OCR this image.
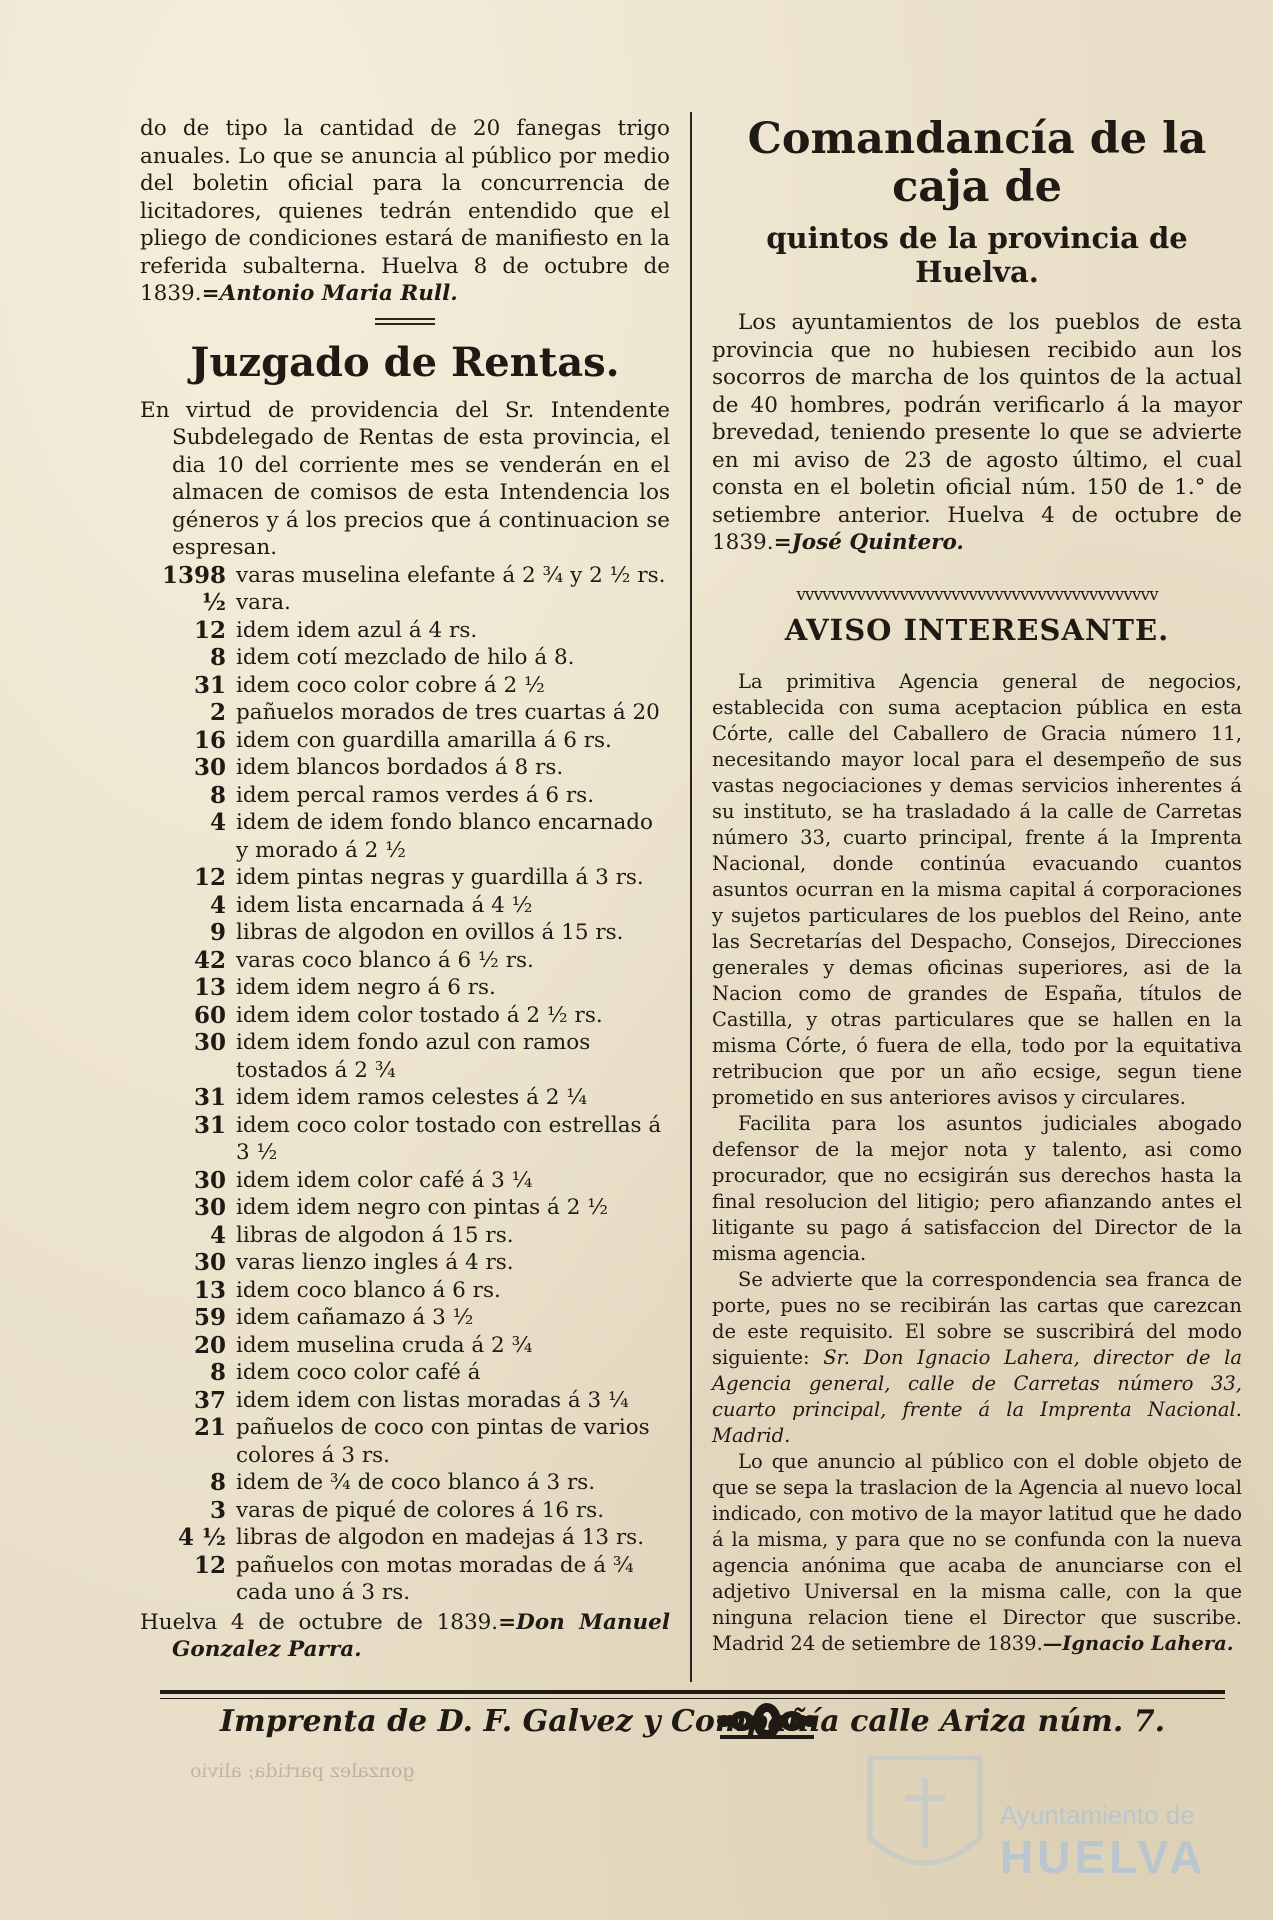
do de tipo la cantidad de 20 fanegas trigo anuales. Lo que se anuncia al público por medio del boletin oficial para la concurrencia de licitadores, quienes tedrán entendido que el pliego de condiciones estará de manifiesto en la referida subalterna. Huelva 8 de octubre de 1839.=Antonio Maria Rull.

Juzgado de Rentas.

En virtud de providencia del Sr. Intendente Subdelegado de Rentas de esta provincia, el dia 10 del corriente mes se venderán en el almacen de comisos de esta Intendencia los géneros y á los precios que á continuacion se espresan.

1398 ½
varas muselina elefante á 2 ¾ y 2 ½ rs. vara.
12 idem idem azul á 4 rs.
8 idem cotí mezclado de hilo á 8.
31 idem coco color cobre á 2 ½
2 pañuelos morados de tres cuartas á 20
16 idem con guardilla amarilla á 6 rs.
30 idem blancos bordados á 8 rs.
8 idem percal ramos verdes á 6 rs.
4 idem de idem fondo blanco encarnado y morado á 2 ½
12 idem pintas negras y guardilla á 3 rs.
4 idem lista encarnada á 4 ½
9 libras de algodon en ovillos á 15 rs.
42 varas coco blanco á 6 ½ rs.
13 idem idem negro á 6 rs.
60 idem idem color tostado á 2 ½ rs.
30 idem idem fondo azul con ramos tostados á 2 ¾
31 idem idem ramos celestes á 2 ¼
31 idem coco color tostado con estrellas á 3 ½
30 idem idem color café á 3 ¼
30 idem idem negro con pintas á 2 ½
4 libras de algodon á 15 rs.
30 varas lienzo ingles á 4 rs.
13 idem coco blanco á 6 rs.
59 idem cañamazo á 3 ½
20 idem muselina cruda á 2 ¾
8 idem coco color café á
37 idem idem con listas moradas á 3 ¼
21 pañuelos de coco con pintas de varios colores á 3 rs.
8 idem de ¾ de coco blanco á 3 rs.
3 varas de piqué de colores á 16 rs.
4 ½ libras de algodon en madejas á 13 rs.
12 pañuelos con motas moradas de á ¾ cada uno á 3 rs.

Huelva 4 de octubre de 1839.=Don Manuel Gonzalez Parra.

Comandancía de la caja de
quintos de la provincia de Huelva.

Los ayuntamientos de los pueblos de esta provincia que no hubiesen recibido aun los socorros de marcha de los quintos de la actual de 40 hombres, podrán verificarlo á la mayor brevedad, teniendo presente lo que se advierte en mi aviso de 23 de agosto último, el cual consta en el boletin oficial núm. 150 de 1.° de setiembre anterior. Huelva 4 de octubre de 1839.=José Quintero.

vvvvvvvvvvvvvvvvvvvvvvvvvvvvvvvvvvvvvvvvvv
AVISO INTERESANTE.

La primitiva Agencia general de negocios, establecida con suma aceptacion pública en esta Córte, calle del Caballero de Gracia número 11, necesitando mayor local para el desempeño de sus vastas negociaciones y demas servicios inherentes á su instituto, se ha trasladado á la calle de Carretas número 33, cuarto principal, frente á la Imprenta Nacional, donde continúa evacuando cuantos asuntos ocurran en la misma capital á corporaciones y sujetos particulares de los pueblos del Reino, ante las Secretarías del Despacho, Consejos, Direcciones generales y demas oficinas superiores, asi de la Nacion como de grandes de España, títulos de Castilla, y otras particulares que se hallen en la misma Córte, ó fuera de ella, todo por la equitativa retribucion que por un año ecsige, segun tiene prometido en sus anteriores avisos y circulares.

Facilita para los asuntos judiciales abogado defensor de la mejor nota y talento, asi como procurador, que no ecsigirán sus derechos hasta la final resolucion del litigio; pero afianzando antes el litigante su pago á satisfaccion del Director de la misma agencia.

Se advierte que la correspondencia sea franca de porte, pues no se recibirán las cartas que carezcan de este requisito. El sobre se suscribirá del modo siguiente: Sr. Don Ignacio Lahera, director de la Agencia general, calle de Carretas número 33, cuarto principal, frente á la Imprenta Nacional. Madrid.

Lo que anuncio al público con el doble objeto de que se sepa la traslacion de la Agencia al nuevo local indicado, con motivo de la mayor latitud que he dado á la misma, y para que no se confunda con la nueva agencia anónima que acaba de anunciarse con el adjetivo Universal en la misma calle, con la que ninguna relacion tiene el Director que suscribe. Madrid 24 de setiembre de 1839.—Ignacio Lahera.

Imprenta de D. F. Galvez y Compañía calle Ariza núm. 7.
gonzalez partida; alivio
Ayuntamiento de
HUELVA
